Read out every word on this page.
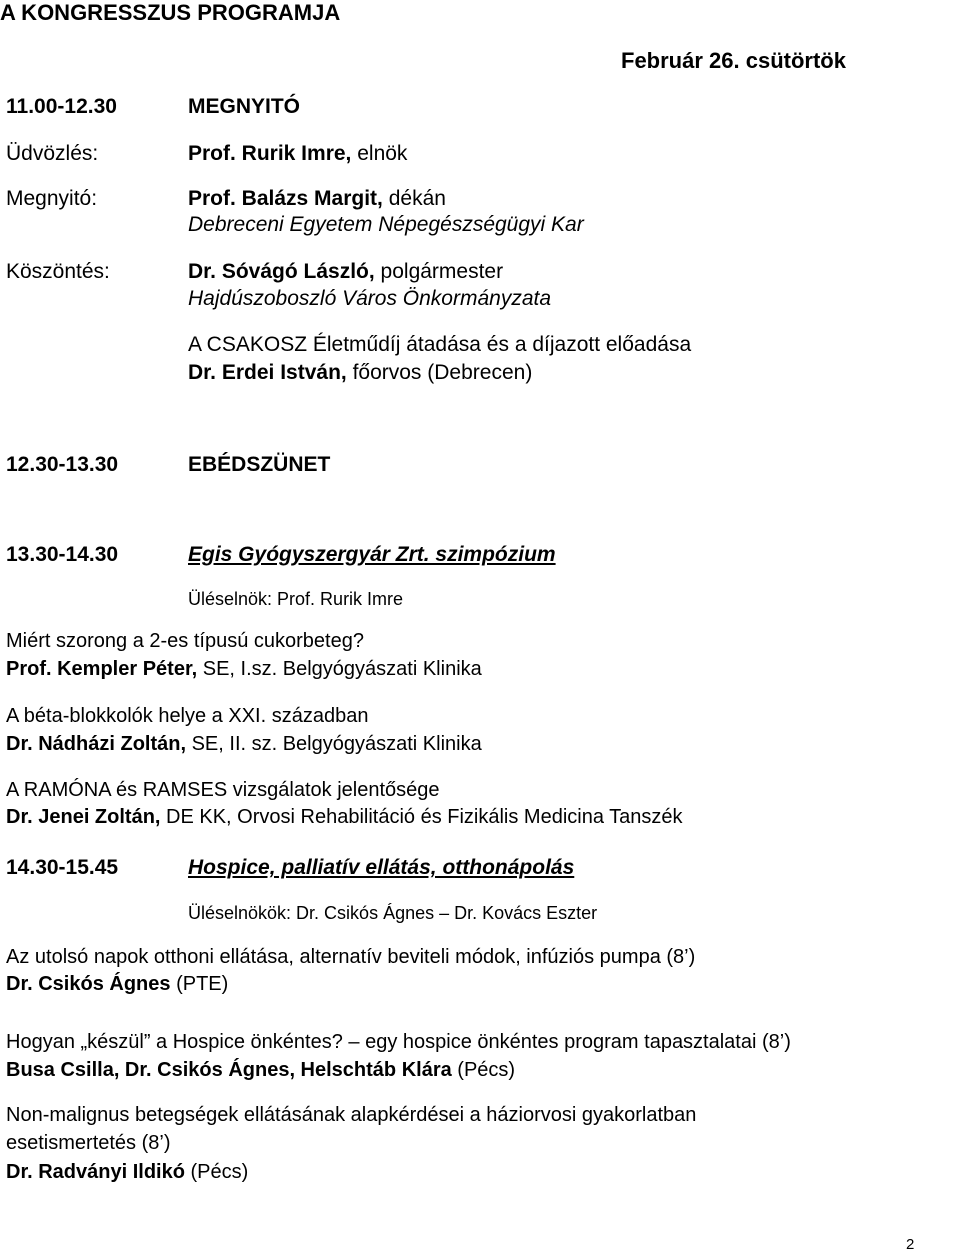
A KONGRESSZUS PROGRAMJA
Február 26. csütörtök
11.00-12.30	MEGNYITÓ
Üdvözlés:	Prof. Rurik Imre, elnök
Megnyitó:	Prof. Balázs Margit, dékán
Debreceni Egyetem Népegészségügyi Kar
Köszöntés:	Dr. Sóvágó László, polgármester
Hajdúszoboszló Város Önkormányzata
A CSAKOSZ Életműdíj átadása és a díjazott előadása
Dr. Erdei István, főorvos (Debrecen)
12.30-13.30	EBÉDSZÜNET
13.30-14.30	Egis Gyógyszergyár Zrt. szimpózium
Üléselnök: Prof. Rurik Imre
Miért szorong a 2-es típusú cukorbeteg?
Prof. Kempler Péter, SE, I.sz. Belgyógyászati Klinika
A béta-blokkolók helye a XXI. században
Dr. Nádházi Zoltán, SE, II. sz. Belgyógyászati Klinika
A RAMÓNA és RAMSES vizsgálatok jelentősége
Dr. Jenei Zoltán, DE KK, Orvosi Rehabilitáció és Fizikális Medicina Tanszék
14.30-15.45	Hospice, palliatív ellátás, otthonápolás
Üléselnökök: Dr. Csikós Ágnes – Dr. Kovács Eszter
Az utolsó napok otthoni ellátása, alternatív beviteli módok, infúziós pumpa (8’)
Dr. Csikós Ágnes (PTE)
Hogyan „készül” a Hospice önkéntes? – egy hospice önkéntes program tapasztalatai (8’)
Busa Csilla, Dr. Csikós Ágnes, Helschtáb Klára (Pécs)
Non-malignus betegségek ellátásának alapkérdései a háziorvosi gyakorlatban
esetismertetés (8’)
Dr. Radványi Ildikó (Pécs)
2
